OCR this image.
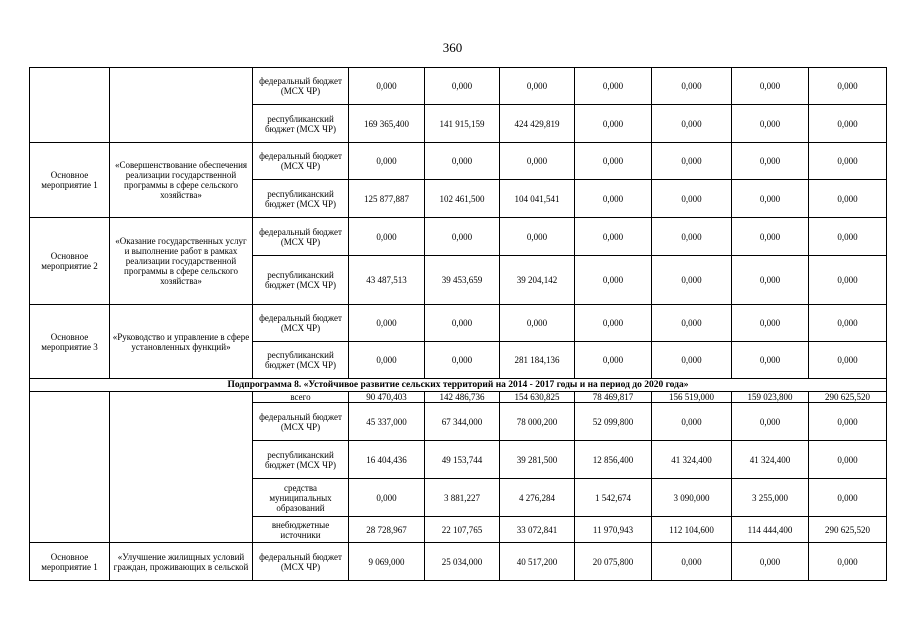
360
		федеральный бюджет (МСХ ЧР)	0,000	0,000	0,000	0,000	0,000	0,000	0,000
		республиканский бюджет (МСХ ЧР)	169 365,400	141 915,159	424 429,819	0,000	0,000	0,000	0,000
Основное мероприятие 1	«Совершенствование обеспечения реализации государственной программы в сфере сельского хозяйства»	федеральный бюджет (МСХ ЧР)	0,000	0,000	0,000	0,000	0,000	0,000	0,000
		республиканский бюджет (МСХ ЧР)	125 877,887	102 461,500	104 041,541	0,000	0,000	0,000	0,000
Основное мероприятие 2	«Оказание государственных услуг и выполнение работ в рамках реализации государственной программы в сфере сельского хозяйства»	федеральный бюджет (МСХ ЧР)	0,000	0,000	0,000	0,000	0,000	0,000	0,000
		республиканский бюджет (МСХ ЧР)	43 487,513	39 453,659	39 204,142	0,000	0,000	0,000	0,000
Основное мероприятие 3	«Руководство и управление в сфере установленных функций»	федеральный бюджет (МСХ ЧР)	0,000	0,000	0,000	0,000	0,000	0,000	0,000
		республиканский бюджет (МСХ ЧР)	0,000	0,000	281 184,136	0,000	0,000	0,000	0,000
Подпрограмма 8. «Устойчивое развитие сельских территорий на 2014 - 2017 годы и на период до 2020 года»									
		всего	90 470,403	142 486,736	154 630,825	78 469,817	156 519,000	159 023,800	290 625,520
		федеральный бюджет (МСХ ЧР)	45 337,000	67 344,000	78 000,200	52 099,800	0,000	0,000	0,000
		республиканский бюджет (МСХ ЧР)	16 404,436	49 153,744	39 281,500	12 856,400	41 324,400	41 324,400	0,000
		средства муниципальных образований	0,000	3 881,227	4 276,284	1 542,674	3 090,000	3 255,000	0,000
		внебюджетные источники	28 728,967	22 107,765	33 072,841	11 970,943	112 104,600	114 444,400	290 625,520
Основное мероприятие 1	«Улучшение жилищных условий граждан, проживающих в сельской	федеральный бюджет (МСХ ЧР)	9 069,000	25 034,000	40 517,200	20 075,800	0,000	0,000	0,000
